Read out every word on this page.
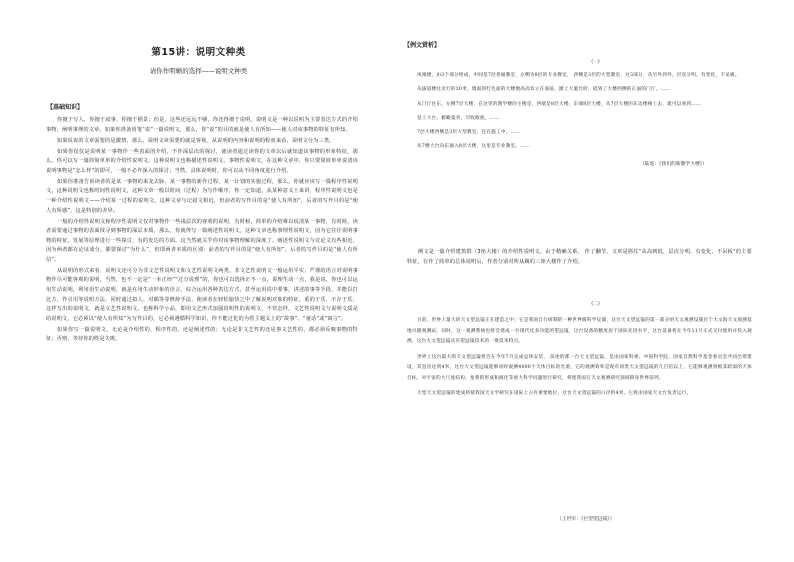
第15讲：说明文种类
请你作明晰的选择——说明文种类
【基础知识】

你擅于写人，你擅于叙事，你擅于描景；但是，这些还远远不够，你还得擅于说明。说明文是一种以说明为主要表达方式的介绍事物、阐明事理的文章。如果你准备用笔“说”一篇说明文，那么，你“说”的目的就是使人有所知——使人对该事物的特征有所知。

如果说说的文章需要的是激情，那么，说明文章需要的就是客观。从说明的内容和说明的程度来看，说明文分为三类。

如果你仅仅是说明某一事物作一些表面的介绍，不作深层次的探讨，使读者通过读你的文章以后就知道该事物的形象特征，那么，你可以写一篇简简单单的介绍性说明文，这种说明文也称描述性说明文、事物性说明文。在这种文章中，你只要简简单单说清该说明事物是“怎么样”的即可，一般不必作深入的探讨；当然，具体说明时，你可以从不同角度进行介绍。

如果你准备告诉读者的是某一事物的来龙去脉、某一事物的新作过程、某一计划的实施过程，那么，你就应该写一篇程序性说明文。这种说明文也称时间性说明文，这种文章一般以时间（过程）为写作顺序，你一定知道，从某种意义上来讲，程序性说明文也是一种介绍性说明文——介绍某一过程的说明文，这种文章与记叙文相近，但前者的写作目的是“使人有所知”，后者的写作目的是“使人有所感”，这是特别的差异。

一般的介绍性说明文和程序性说明文仅对事物作一些浅层次的客观的说明，有时候，简单的介绍难以说清某一事物，有时候，读者需要通过事物的表面找寻到事物的深层本质，那么，你就得写一篇阐述性说明文。这种文章也称事理性说明文，因为它往往说明事物的特征，发展等原理进行一些探讨，有的发达的方面，这当然就关乎你对该事物理解的深度了。阐述性说明文与议论文有些相近，因为两者都有论证成分，都要探讨“为什么”，但即两者本质的区别：前者的写作目的是“使人有所知”，后者的写作目的是“使人有所信”。

从说明的形式来看，说明文还可分为非文艺性说明文和文艺性说明文两类。非文艺性说明文一般运用平实、严谨的语言对说明事物作尽可能客观的说明，当然，也不一定是“一本正经”“过分说理”的，你也可以选择正不一点，说理生动一点，我是说，你也可以运用生动说明，利用语生动说明，就是在用生动形象的语言，综合运用各种表达方式，甚至运用说中要事，讲述故事等手段，并能以打比方，作引用等说明方法，同时通过拟人、对偶等等修辞手法，使读者在轻松愉快之中了解说明对象的特征。重的于乐，不存于乐，这样写出的说明文，就是文艺性说明文，也称科学小品，即用文艺形式加强说明性的说明文，不管怎样，文艺性说明文与说明文质是的说明文，它必须以“使人有所知”为写作目的，它必须遵循科学知识，你不能过化的为着主题义上的“故事”、“童话”或“寓言”。

如果你写一篇说明文，无论是介绍性的、程序性的，还是阐述性的；无论是非文艺性的还是事文艺性的，都必须反映事物的特征；否则，等待你的终是失败。

【例文赏析】
(一)

凤凰楼，由3个部分组成，中间是7层普通教室，左侧为8层的专业教室， 西侧是3层的大型教室，这3部分，从另外到外，层次分明，有变化，不呆板。

从拔道楼往北行的30米，墙面的红色面的大楼便高高耸立在面前，踏上大厦台阶，抵到了大楼西侧的正面的门厅。……

从门厅往东，左侧7层大楼，在这里的教学楼的主楼是，西端是8层大楼，东端8层大楼，从7层大楼的东边楼梯上去，就可以看到……

登上大台，俯瞰曼青，尽收眼底。……

7层大楼西侧是3层大型教室，还在施工中。……

从7楼大台向东通入8层大楼，这里是专业教室。……

（陆进：《我们的新教学大楼》）

例文是一篇介绍建筑群（3座大楼）的介绍性说明文，由于精确关系， 作了翻节。文章是抓住“从高到低，层次分明，有变化，不呆板”的主要特征，在作了简单的总体说明后，作者分别对所从踢的三座大楼作了介绍。

(二)

目前，世界上最大的天文望远镜正在建造之中，它是我国自行研制的一种世界级科学仪器，这台天文望远镜的第一部分的天文观测设施位于大文海天文观测基地兴隆观测站。同时，这一观测系统也将会建成一台现代化多功能的望远镜，这台设备的精度居于国际先进水平，这台设备将在今年11月正式交付使用并投入观测，这台大文望远镜具有望远镜技术的一批技术特点。

世界上这台最大的天文望远镜将会在今年7月完成总体安装， 前述的那一台天文望远镜，是由国家科委、中国科学院、国家自然科学基金委员会共同出资建设，其直径达到4米，这台大文望远镜能够同时观测4000个天体目标的光谱，它的观测效率是现有同类天文望远镜的几百倍以上，它能够观测到极其暗弱的天体目标，对宇宙的大尺度结构、星系的形成和演化等重大科学问题进行研究，将使我国在天文观测研究领域跻身世界前列。

大型天文望远镜的建成将使我国天文学研究在国际上占有重要地位，这台天文望远镜的口径约4米，它将由国家天文台负责运行，

（王世军：《巨型望远镜》）
